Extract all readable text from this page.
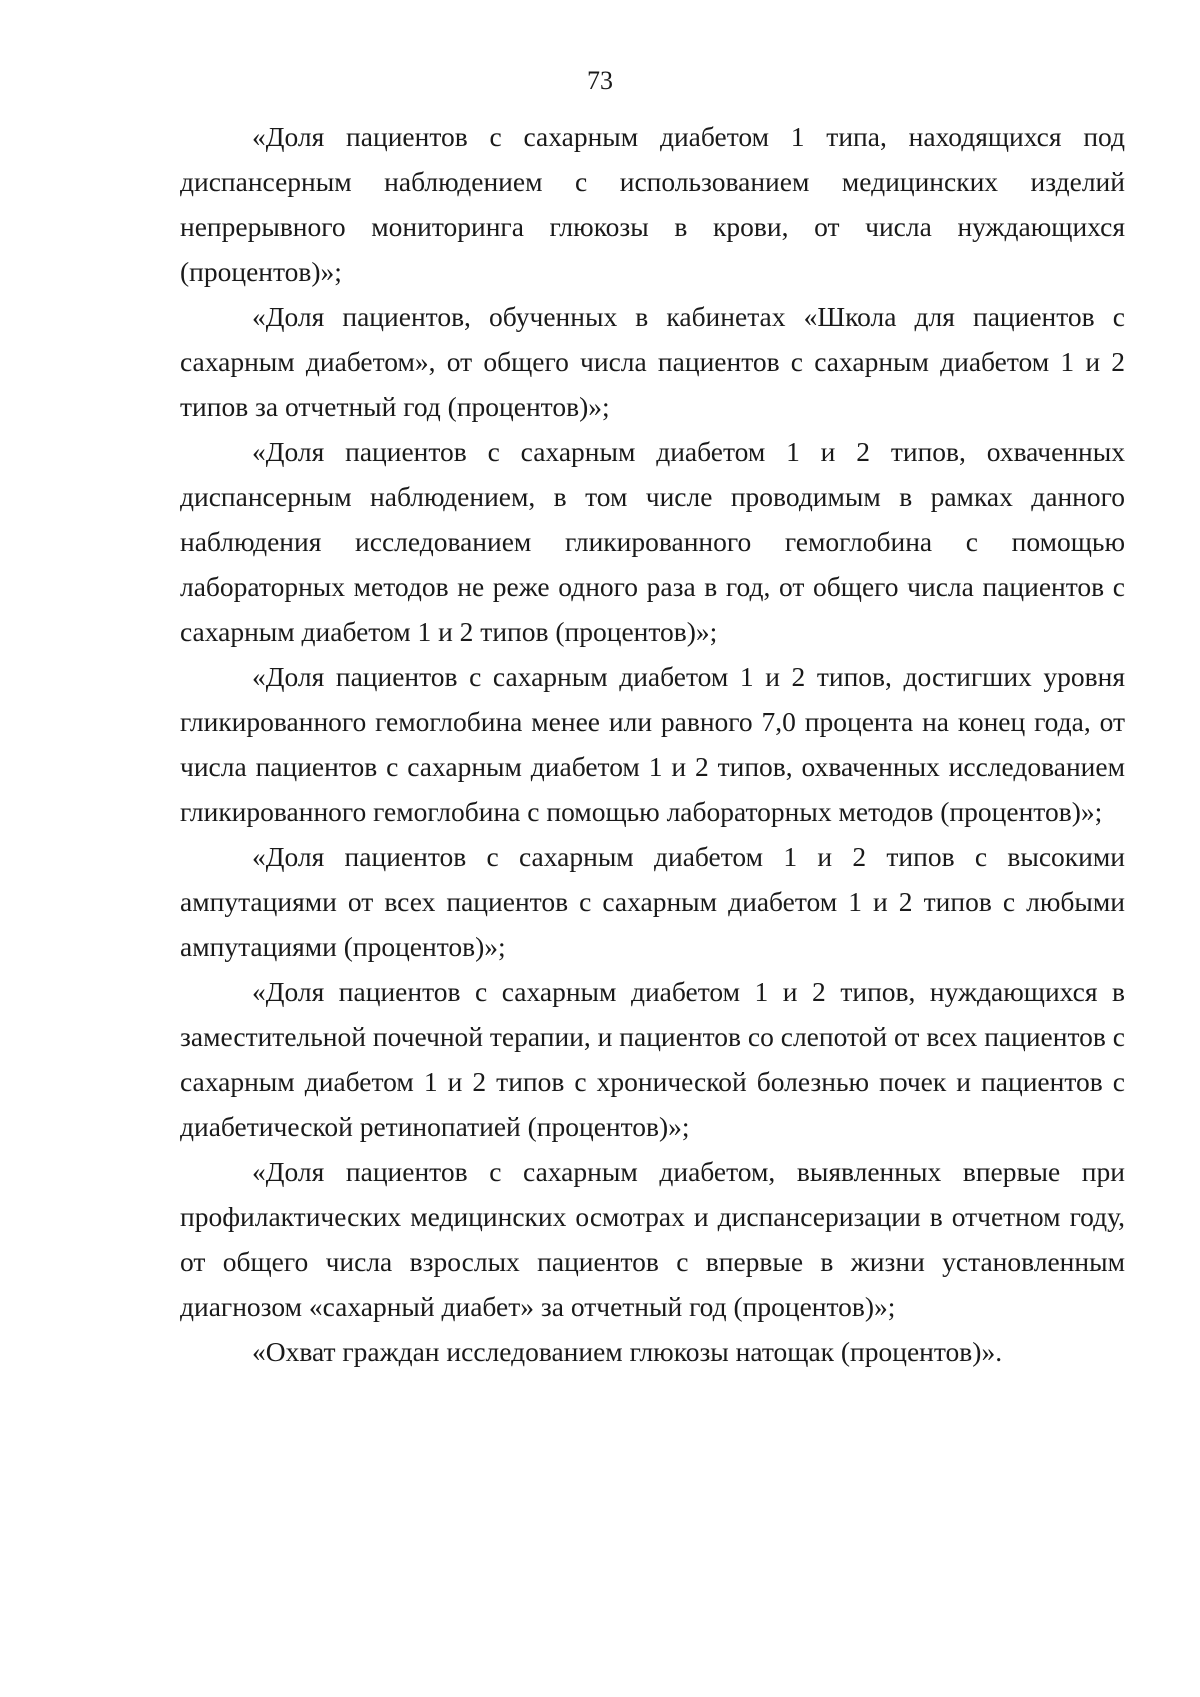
73

«Доля пациентов с сахарным диабетом 1 типа, находящихся под диспансерным наблюдением с использованием медицинских изделий непрерывного мониторинга глюкозы в крови, от числа нуждающихся (процентов)»;

«Доля пациентов, обученных в кабинетах «Школа для пациентов с сахарным диабетом», от общего числа пациентов с сахарным диабетом 1 и 2 типов за отчетный год (процентов)»;

«Доля пациентов с сахарным диабетом 1 и 2 типов, охваченных диспансерным наблюдением, в том числе проводимым в рамках данного наблюдения исследованием гликированного гемоглобина с помощью лабораторных методов не реже одного раза в год, от общего числа пациентов с сахарным диабетом 1 и 2 типов (процентов)»;

«Доля пациентов с сахарным диабетом 1 и 2 типов, достигших уровня гликированного гемоглобина менее или равного 7,0 процента на конец года, от числа пациентов с сахарным диабетом 1 и 2 типов, охваченных исследованием гликированного гемоглобина с помощью лабораторных методов (процентов)»;

«Доля пациентов с сахарным диабетом 1 и 2 типов с высокими ампутациями от всех пациентов с сахарным диабетом 1 и 2 типов с любыми ампутациями (процентов)»;

«Доля пациентов с сахарным диабетом 1 и 2 типов, нуждающихся в заместительной почечной терапии, и пациентов со слепотой от всех пациентов с сахарным диабетом 1 и 2 типов с хронической болезнью почек и пациентов с диабетической ретинопатией (процентов)»;

«Доля пациентов с сахарным диабетом, выявленных впервые при профилактических медицинских осмотрах и диспансеризации в отчетном году, от общего числа взрослых пациентов с впервые в жизни установленным диагнозом «сахарный диабет» за отчетный год (процентов)»;

«Охват граждан исследованием глюкозы натощак (процентов)».
